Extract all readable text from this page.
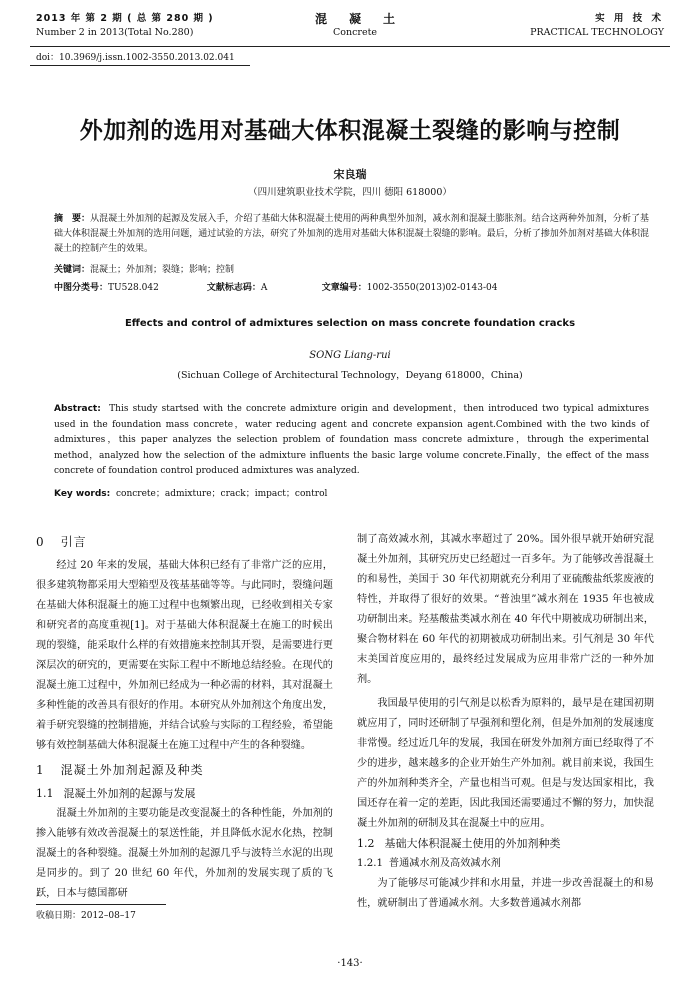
2013 年 第 2 期 ( 总 第 280 期 )
Number 2 in 2013(Total No.280)
混凝土
Concrete
实 用 技 术
PRACTICAL TECHNOLOGY
doi：10.3969/j.issn.1002-3550.2013.02.041
外加剂的选用对基础大体积混凝土裂缝的影响与控制
宋良瑞
（四川建筑职业技术学院，四川 德阳 618000）
摘　要：从混凝土外加剂的起源及发展入手，介绍了基础大体积混凝土使用的两种典型外加剂，减水剂和混凝土膨胀剂。结合这两种外加剂，分析了基础大体积混凝土外加剂的选用问题，通过试验的方法，研究了外加剂的选用对基础大体积混凝土裂缝的影响。最后，分析了掺加外加剂对基础大体积混凝土的控制产生的效果。
关键词：混凝土；外加剂；裂缝；影响；控制
中图分类号：TU528.042	文献标志码：A	文章编号：1002-3550(2013)02-0143-04
Effects and control of admixtures selection on mass concrete foundation cracks
SONG Liang-rui
(Sichuan College of Architectural Technology，Deyang 618000，China)
Abstract: This study startsed with the concrete admixture origin and development，then introduced two typical admixtures used in the foundation mass concrete，water reducing agent and concrete expansion agent.Combined with the two kinds of admixtures，this paper analyzes the selection problem of foundation mass concrete admixture，through the experimental method，analyzed how the selection of the admixture influents the basic large volume concrete.Finally，the effect of the mass concrete of foundation control produced admixtures was analyzed.
Key words: concrete；admixture；crack；impact；control
0 引言

经过 20 年来的发展，基础大体积已经有了非常广泛的应用，很多建筑物都采用大型箱型及筏基基础等等。与此同时，裂缝问题在基础大体积混凝土的施工过程中也频繁出现，已经收到相关专家和研究者的高度重视[1]。对于基础大体积混凝土在施工的时候出现的裂缝，能采取什么样的有效措施来控制其开裂，是需要进行更深层次的研究的，更需要在实际工程中不断地总结经验。在现代的混凝土施工过程中，外加剂已经成为一种必需的材料，其对混凝土多种性能的改善具有很好的作用。本研究从外加剂这个角度出发，着手研究裂缝的控制措施，并结合试验与实际的工程经验，希望能够有效控制基础大体积混凝土在施工过程中产生的各种裂缝。

1 混凝土外加剂起源及种类
1.1 混凝土外加剂的起源与发展

混凝土外加剂的主要功能是改变混凝土的各种性能，外加剂的掺入能够有效改善混凝土的泵送性能，并且降低水泥水化热，控制混凝土的各种裂缝。混凝土外加剂的起源几乎与波特兰水泥的出现是同步的。到了 20 世纪 60 年代，外加剂的发展实现了质的飞跃，日本与德国都研

制了高效减水剂，其减水率超过了 20%。国外很早就开始研究混凝土外加剂，其研究历史已经超过一百多年。为了能够改善混凝土的和易性，美国于 30 年代初期就充分利用了亚硫酸盐纸浆废液的特性，并取得了很好的效果。“普浊里”减水剂在 1935 年也被成功研制出来。羟基酸盐类减水剂在 40 年代中期被成功研制出来，聚合物材料在 60 年代的初期被成功研制出来。引气剂是 30 年代末美国首度应用的，最终经过发展成为应用非常广泛的一种外加剂。

我国最早使用的引气剂是以松香为原料的，最早是在建国初期就应用了，同时还研制了早强剂和塑化剂，但是外加剂的发展速度非常慢。经过近几年的发展，我国在研发外加剂方面已经取得了不少的进步，越来越多的企业开始生产外加剂。就目前来说，我国生产的外加剂种类齐全，产量也相当可观。但是与发达国家相比，我国还存在着一定的差距，因此我国还需要通过不懈的努力，加快混凝土外加剂的研制及其在混凝土中的应用。

1.2 基础大体积混凝土使用的外加剂种类
1.2.1 普通减水剂及高效减水剂

为了能够尽可能减少拌和水用量，并进一步改善混凝土的和易性，就研制出了普通减水剂。大多数普通减水剂都

收稿日期：2012–08–17
·143·
